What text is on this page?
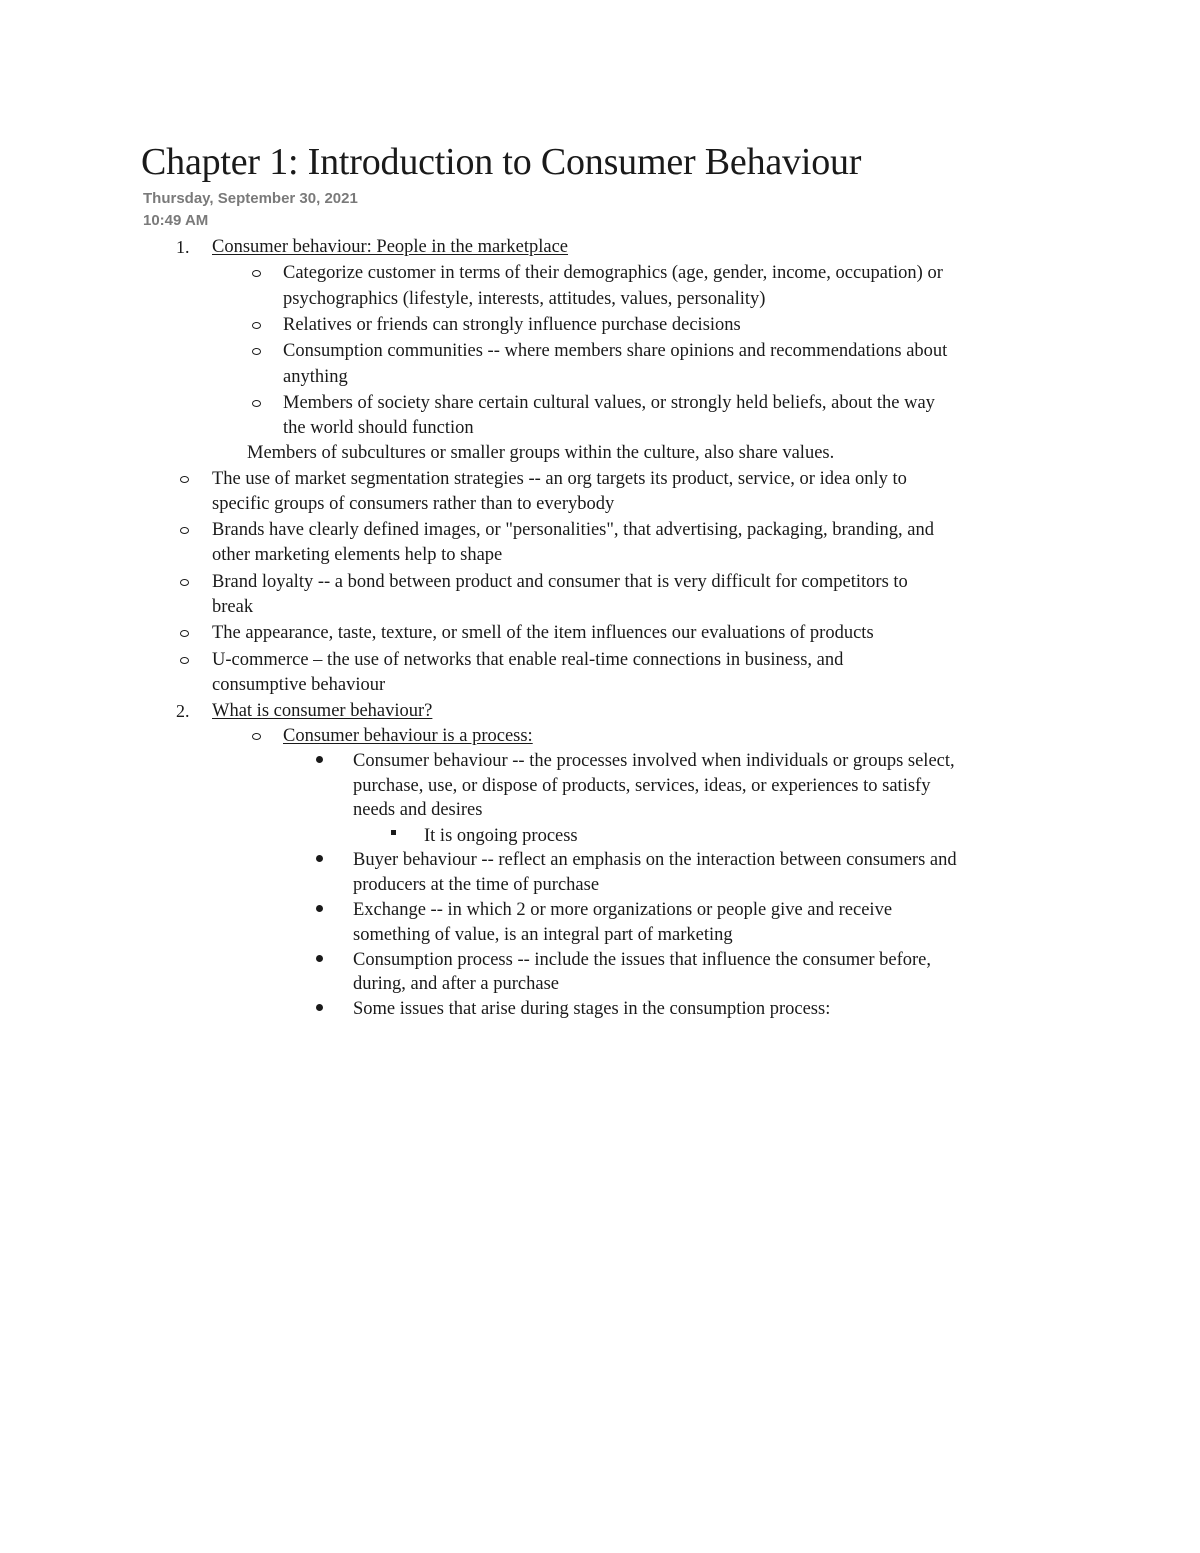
Chapter 1: Introduction to Consumer Behaviour
Thursday, September 30, 2021
10:49 AM
1. Consumer behaviour: People in the marketplace
Categorize customer in terms of their demographics (age, gender, income, occupation) or
psychographics (lifestyle, interests, attitudes, values, personality)
Relatives or friends can strongly influence purchase decisions
Consumption communities -- where members share opinions and recommendations about
anything
Members of society share certain cultural values, or strongly held beliefs, about the way
the world should function
Members of subcultures or smaller groups within the culture, also share values.
The use of market segmentation strategies -- an org targets its product, service, or idea only to
specific groups of consumers rather than to everybody
Brands have clearly defined images, or "personalities", that advertising, packaging, branding, and
other marketing elements help to shape
Brand loyalty -- a bond between product and consumer that is very difficult for competitors to
break
The appearance, taste, texture, or smell of the item influences our evaluations of products
U-commerce – the use of networks that enable real-time connections in business, and
consumptive behaviour
2. What is consumer behaviour?
Consumer behaviour is a process:
Consumer behaviour -- the processes involved when individuals or groups select,
purchase, use, or dispose of products, services, ideas, or experiences to satisfy
needs and desires
It is ongoing process
Buyer behaviour -- reflect an emphasis on the interaction between consumers and
producers at the time of purchase
Exchange -- in which 2 or more organizations or people give and receive
something of value, is an integral part of marketing
Consumption process -- include the issues that influence the consumer before,
during, and after a purchase
Some issues that arise during stages in the consumption process:
